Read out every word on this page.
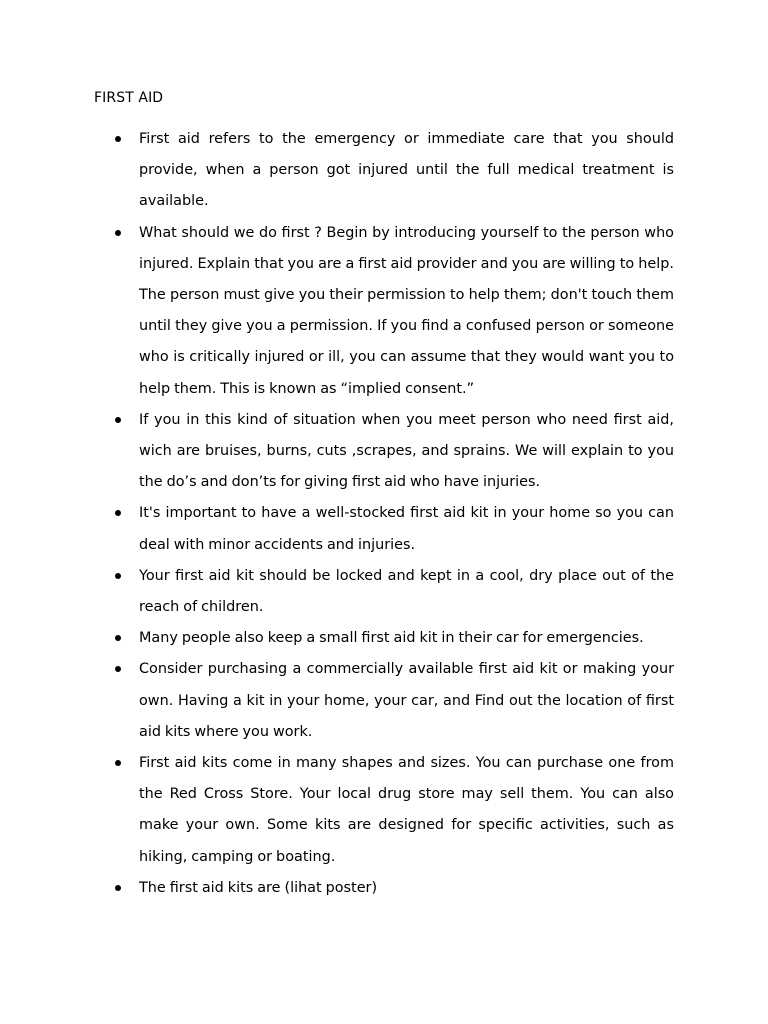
FIRST AID
First aid refers to the emergency or immediate care that you should provide, when a person got injured until the full medical treatment is available.
What should we do first ? Begin by introducing yourself to the person who injured. Explain that you are a first aid provider and you are willing to help. The person must give you their permission to help them; don't touch them until they give you a permission. If you find a confused person or someone who is critically injured or ill, you can assume that they would want you to help them. This is known as “implied consent.”
If you in this kind of situation when you meet person who need first aid, wich are bruises, burns, cuts ,scrapes, and sprains. We will explain to you the do’s and don’ts for giving first aid who have injuries.
It's important to have a well-stocked first aid kit in your home so you can deal with minor accidents and injuries.
Your first aid kit should be locked and kept in a cool, dry place out of the reach of children.
Many people also keep a small first aid kit in their car for emergencies.
Consider purchasing a commercially available first aid kit or making your own. Having a kit in your home, your car, and Find out the location of first aid kits where you work.
First aid kits come in many shapes and sizes. You can purchase one from the Red Cross Store. Your local drug store may sell them. You can also make your own. Some kits are designed for specific activities, such as hiking, camping or boating.
The first aid kits are (lihat poster)
